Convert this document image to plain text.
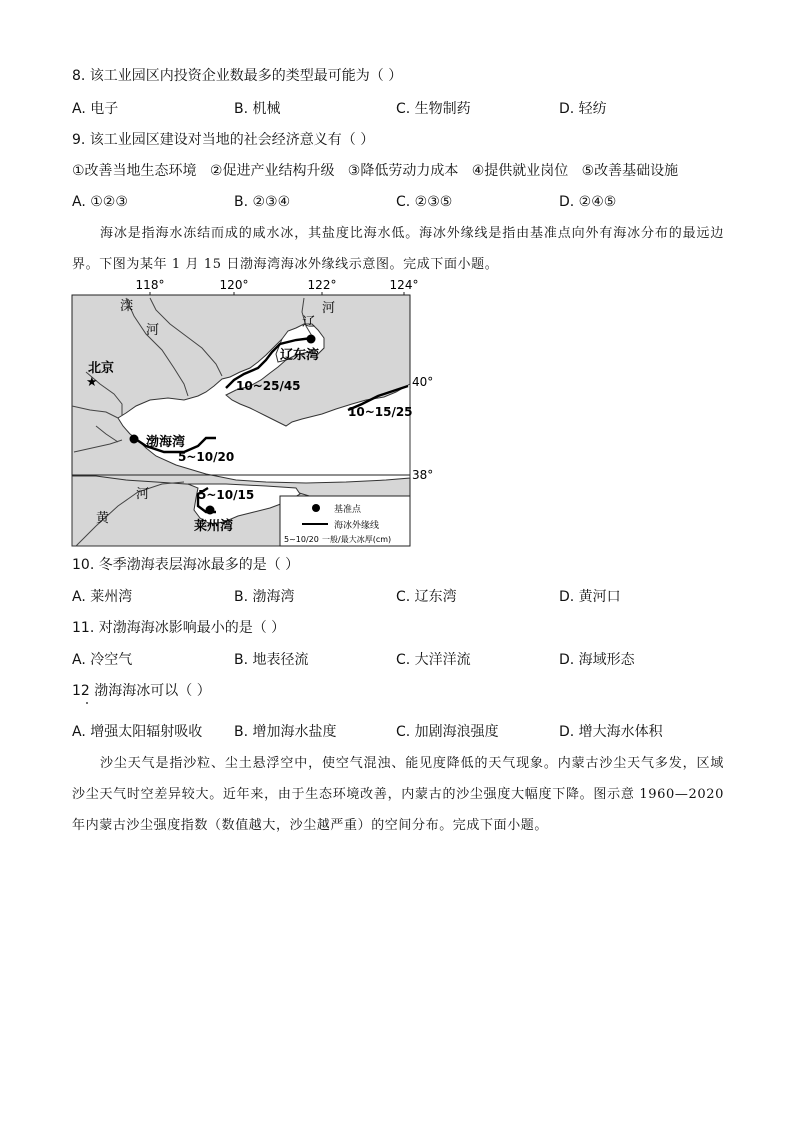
8. 该工业园区内投资企业数最多的类型最可能为（ ）
A. 电子	B. 机械	C. 生物制药	D. 轻纺
9. 该工业园区建设对当地的社会经济意义有（ ）
①改善当地生态环境   ②促进产业结构升级   ③降低劳动力成本   ④提供就业岗位   ⑤改善基础设施
A. ①②③	B. ②③④	C. ②③⑤	D. ②④⑤
海冰是指海水冻结而成的咸水冰，其盐度比海水低。海冰外缘线是指由基准点向外有海冰分布的最远边界。下图为某年 1 月 15 日渤海湾海冰外缘线示意图。完成下面小题。
118°	120°	122°	124°
38°
40°
★
北京
滦
河
辽
河
黄
河
辽东湾
渤海湾
莱州湾
10~25/45
10~15/25
5~10/20
5~10/15
基准点
海冰外缘线
5~10/20 一般/最大冰厚(cm)
10. 冬季渤海表层海冰最多的是（ ）
A. 莱州湾	B. 渤海湾	C. 辽东湾	D. 黄河口
11. 对渤海海冰影响最小的是（ ）
A. 冷空气	B. 地表径流	C. 大洋洋流	D. 海域形态
12 渤海海冰可以（ ）
A. 增强太阳辐射吸收 B. 增加海水盐度	C. 加剧海浪强度	D. 增大海水体积
沙尘天气是指沙粒、尘土悬浮空中，使空气混浊、能见度降低的天气现象。内蒙古沙尘天气多发，区域沙尘天气时空差异较大。近年来，由于生态环境改善，内蒙古的沙尘强度大幅度下降。图示意 1960—2020 年内蒙古沙尘强度指数（数值越大，沙尘越严重）的空间分布。完成下面小题。
